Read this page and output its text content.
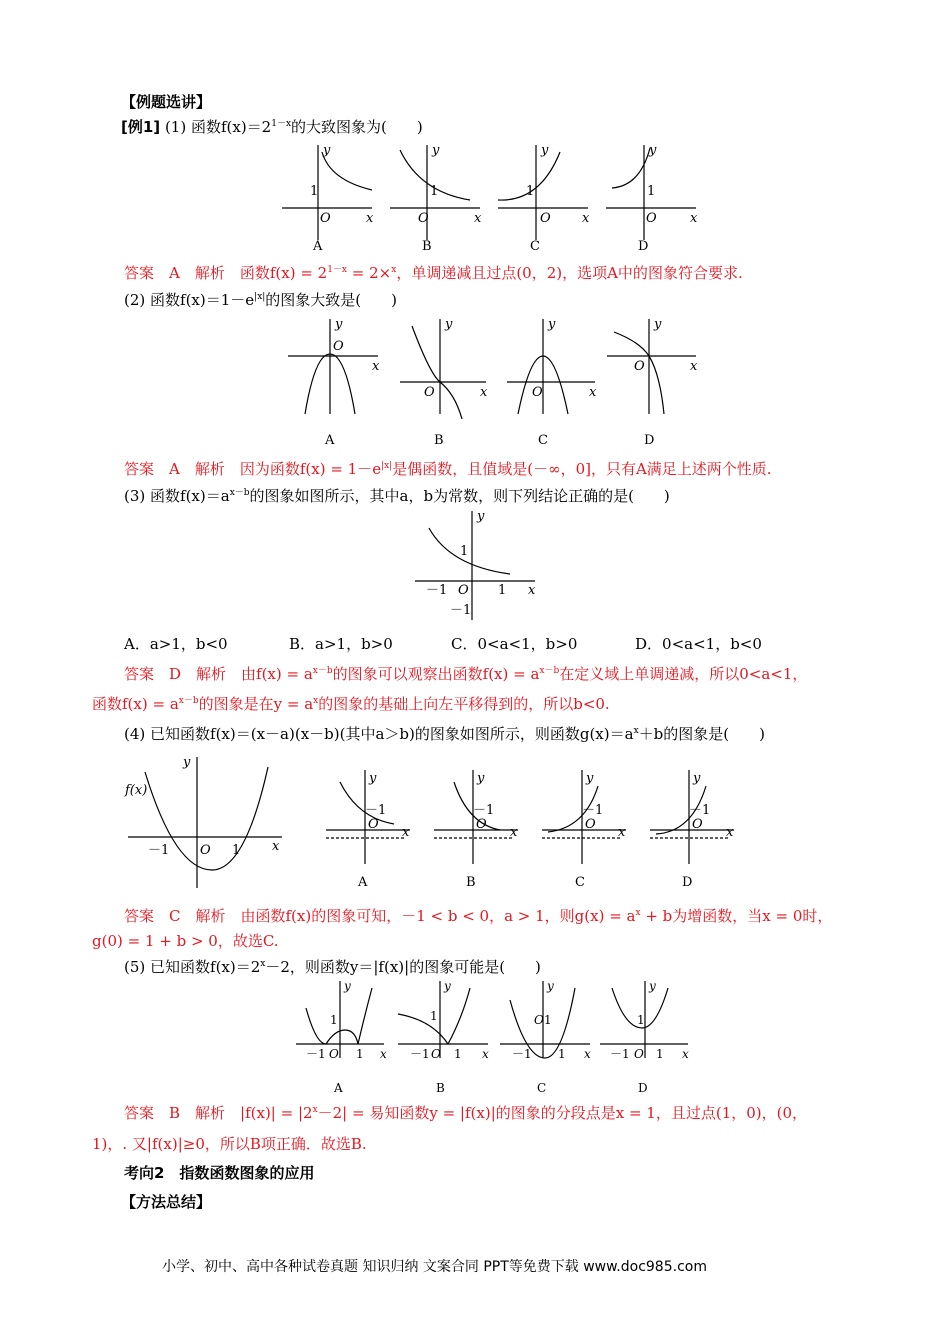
【例题选讲】
[例1] (1) 函数$f(x)=2^{1-x}$的大致图象为(　　)
y
1
O	x
A
y
1
O	x
B
y
1
O x
C
y
1
O	x
D
答案　A　解析　函数$f(x) = 2^{1-x} = 2\times^x$，单调递减且过点(0，2)，选项A中的图象符合要求.
(2) 函数$f(x)=1-e^{|x|}$的图象大致是(　　)
y
O
x
A
y
O	x
B
y
O	x
C
y
O	x
D
答案　A　解析　因为函数$f(x) = 1-e^{|x|}$是偶函数，且值域是(－∞，0]，只有A满足上述两个性质.
(3) 函数$f(x)=a^{x-b}$的图象如图所示，其中a，b为常数，则下列结论正确的是(　　)
y
1
－1 O 1 x
－1
A．a>1，b<0	B．a>1，b>0	C．0<a<1，b>0	D．0<a<1，b<0
答案　D　解析　由$f(x) = a^{x-b}$的图象可以观察出函数$f(x) = a^{x-b}$在定义域上单调递减，所以0<a<1，
函数$f(x) = a^{x-b}$的图象是在$y = a^x$的图象的基础上向左平移得到的，所以b<0.
(4) 已知函数f(x)＝(x－a)(x－b)(其中a＞b)的图象如图所示，则函数$g(x)=a^x+b$的图象是(　　)
f(x)
y
－1 O 1 x
y
－1
O
x
A
y
－1
O
x
B
y
－1
O
x
C
y
－1
O
x
D
答案　C　解析　由函数f(x)的图象可知，－1 < b < 0，a > 1，则$g(x) = a^x + b$为增函数，当x = 0时，
g(0) = 1 + b > 0，故选C.
(5) 已知函数$f(x)=2^x-2$，则函数y＝|f(x)|的图象可能是(　　)
y
1
－1 O 1 x
A
y
1
－1 O 1 x
B
y
O 1
－1 1 x
C
y
1
－1 O 1 x
D
答案　B　解析　$|f(x)| = |2^x-2|$ = 易知函数y = |f(x)|的图象的分段点是x = 1，且过点(1，0)，(0，
1)，. 又|f(x)|≥0，所以B项正确．故选B.
考向2　指数函数图象的应用
【方法总结】
小学、初中、高中各种试卷真题 知识归纳 文案合同 PPT等免费下载 www.doc985.com
